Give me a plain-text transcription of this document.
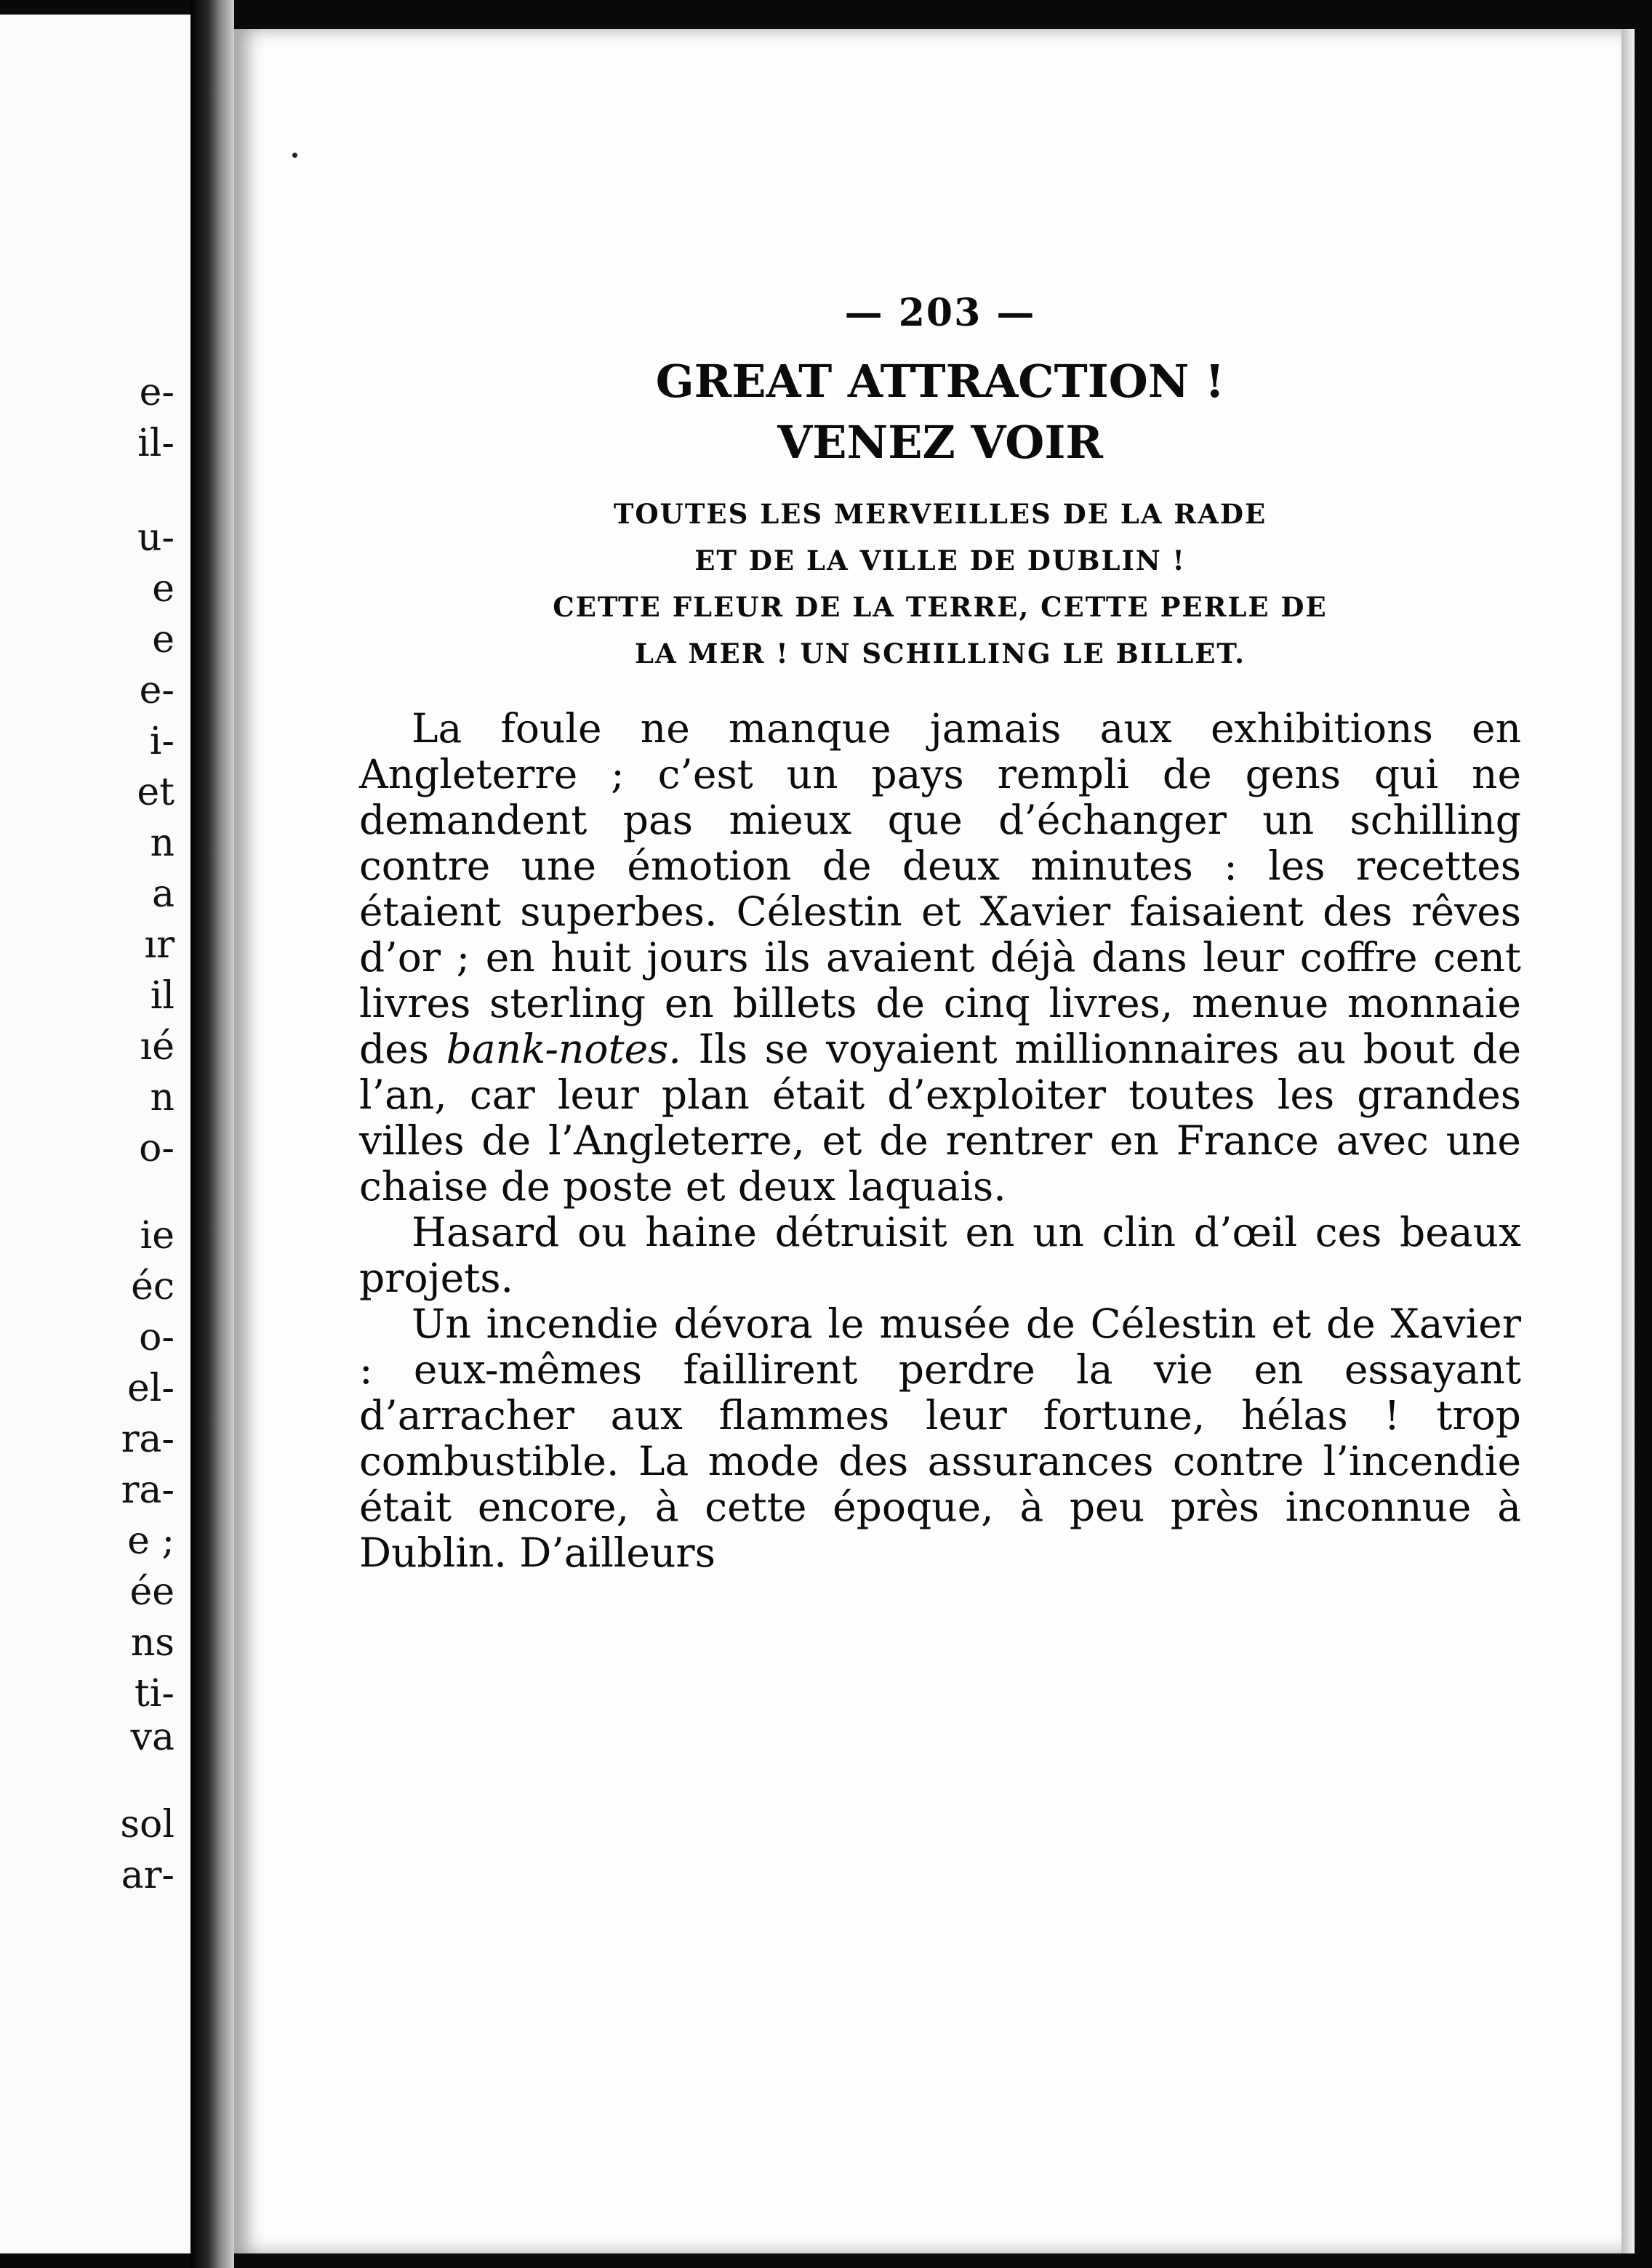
e-
il-
u-
e
e
e-
i-
et
n
a
ır
il
ıé
n
o-
ie
éc
o-
el-
ra-
ra-
e ;
ée
ns
ti-
va
sol
ar-

— 203 —

GREAT ATTRACTION !

VENEZ VOIR

TOUTES LES MERVEILLES DE LA RADE

ET DE LA VILLE DE DUBLIN !

CETTE FLEUR DE LA TERRE, CETTE PERLE DE

LA MER ! UN SCHILLING LE BILLET.

La foule ne manque jamais aux exhibitions en Angleterre ; c’est un pays rempli de gens qui ne demandent pas mieux que d’échanger un schilling contre une émotion de deux minutes : les recettes étaient superbes. Célestin et Xavier faisaient des rêves d’or ; en huit jours ils avaient déjà dans leur coffre cent livres sterling en billets de cinq livres, menue monnaie des bank-notes. Ils se voyaient millionnaires au bout de l’an, car leur plan était d’exploiter toutes les grandes villes de l’Angleterre, et de rentrer en France avec une chaise de poste et deux laquais.

Hasard ou haine détruisit en un clin d’œil ces beaux projets.

Un incendie dévora le musée de Célestin et de Xavier : eux-mêmes faillirent perdre la vie en essayant d’arracher aux flammes leur fortune, hélas ! trop combustible. La mode des assurances contre l’incendie était encore, à cette époque, à peu près inconnue à Dublin. D’ailleurs
